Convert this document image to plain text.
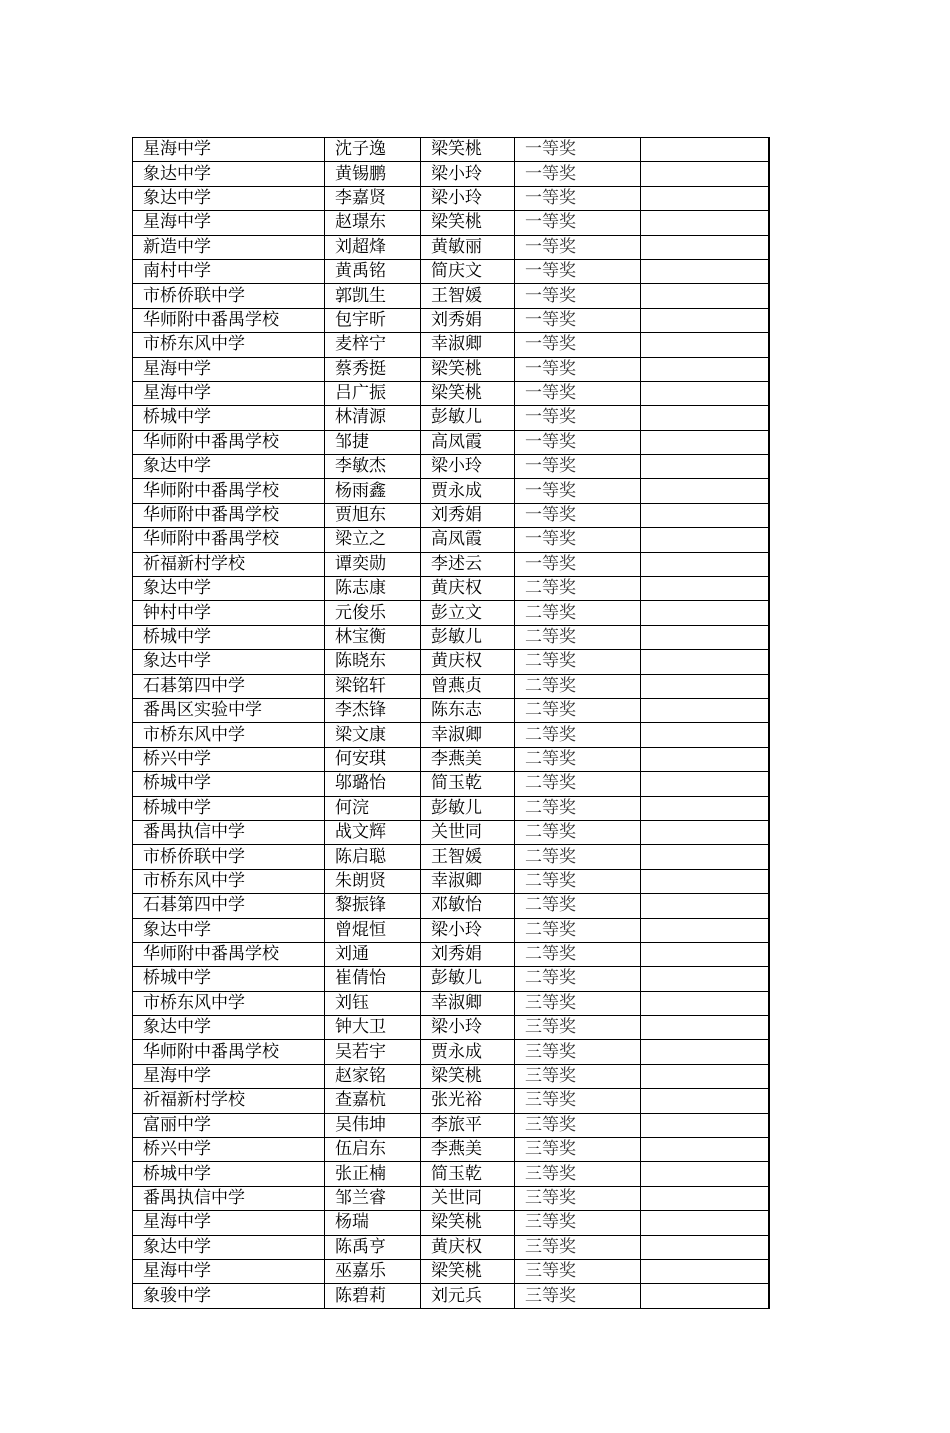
星海中学	沈子逸	梁笑桃	一等奖	
象达中学	黄锡鹏	梁小玲	一等奖	
象达中学	李嘉贤	梁小玲	一等奖	
星海中学	赵璟东	梁笑桃	一等奖	
新造中学	刘超烽	黄敏丽	一等奖	
南村中学	黄禹铭	简庆文	一等奖	
市桥侨联中学	郭凯生	王智媛	一等奖	
华师附中番禺学校	包宇昕	刘秀娟	一等奖	
市桥东风中学	麦梓宁	幸淑卿	一等奖	
星海中学	蔡秀挺	梁笑桃	一等奖	
星海中学	吕广振	梁笑桃	一等奖	
桥城中学	林清源	彭敏儿	一等奖	
华师附中番禺学校	邹捷	高凤霞	一等奖	
象达中学	李敏杰	梁小玲	一等奖	
华师附中番禺学校	杨雨鑫	贾永成	一等奖	
华师附中番禺学校	贾旭东	刘秀娟	一等奖	
华师附中番禺学校	梁立之	高凤霞	一等奖	
祈福新村学校	谭奕勋	李述云	一等奖	
象达中学	陈志康	黄庆权	二等奖	
钟村中学	元俊乐	彭立文	二等奖	
桥城中学	林宝衡	彭敏儿	二等奖	
象达中学	陈晓东	黄庆权	二等奖	
石碁第四中学	梁铭轩	曾燕贞	二等奖	
番禺区实验中学	李杰锋	陈东志	二等奖	
市桥东风中学	梁文康	幸淑卿	二等奖	
桥兴中学	何安琪	李燕美	二等奖	
桥城中学	邬璐怡	简玉乾	二等奖	
桥城中学	何浣	彭敏儿	二等奖	
番禺执信中学	战文辉	关世同	二等奖	
市桥侨联中学	陈启聪	王智媛	二等奖	
市桥东风中学	朱朗贤	幸淑卿	二等奖	
石碁第四中学	黎振锋	邓敏怡	二等奖	
象达中学	曾焜恒	梁小玲	二等奖	
华师附中番禺学校	刘通	刘秀娟	二等奖	
桥城中学	崔倩怡	彭敏儿	二等奖	
市桥东风中学	刘钰	幸淑卿	三等奖	
象达中学	钟大卫	梁小玲	三等奖	
华师附中番禺学校	吴若宇	贾永成	三等奖	
星海中学	赵家铭	梁笑桃	三等奖	
祈福新村学校	查嘉杭	张光裕	三等奖	
富丽中学	吴伟坤	李旅平	三等奖	
桥兴中学	伍启东	李燕美	三等奖	
桥城中学	张正楠	简玉乾	三等奖	
番禺执信中学	邹兰睿	关世同	三等奖	
星海中学	杨瑞	梁笑桃	三等奖	
象达中学	陈禹亨	黄庆权	三等奖	
星海中学	巫嘉乐	梁笑桃	三等奖	
象骏中学	陈碧莉	刘元兵	三等奖	
